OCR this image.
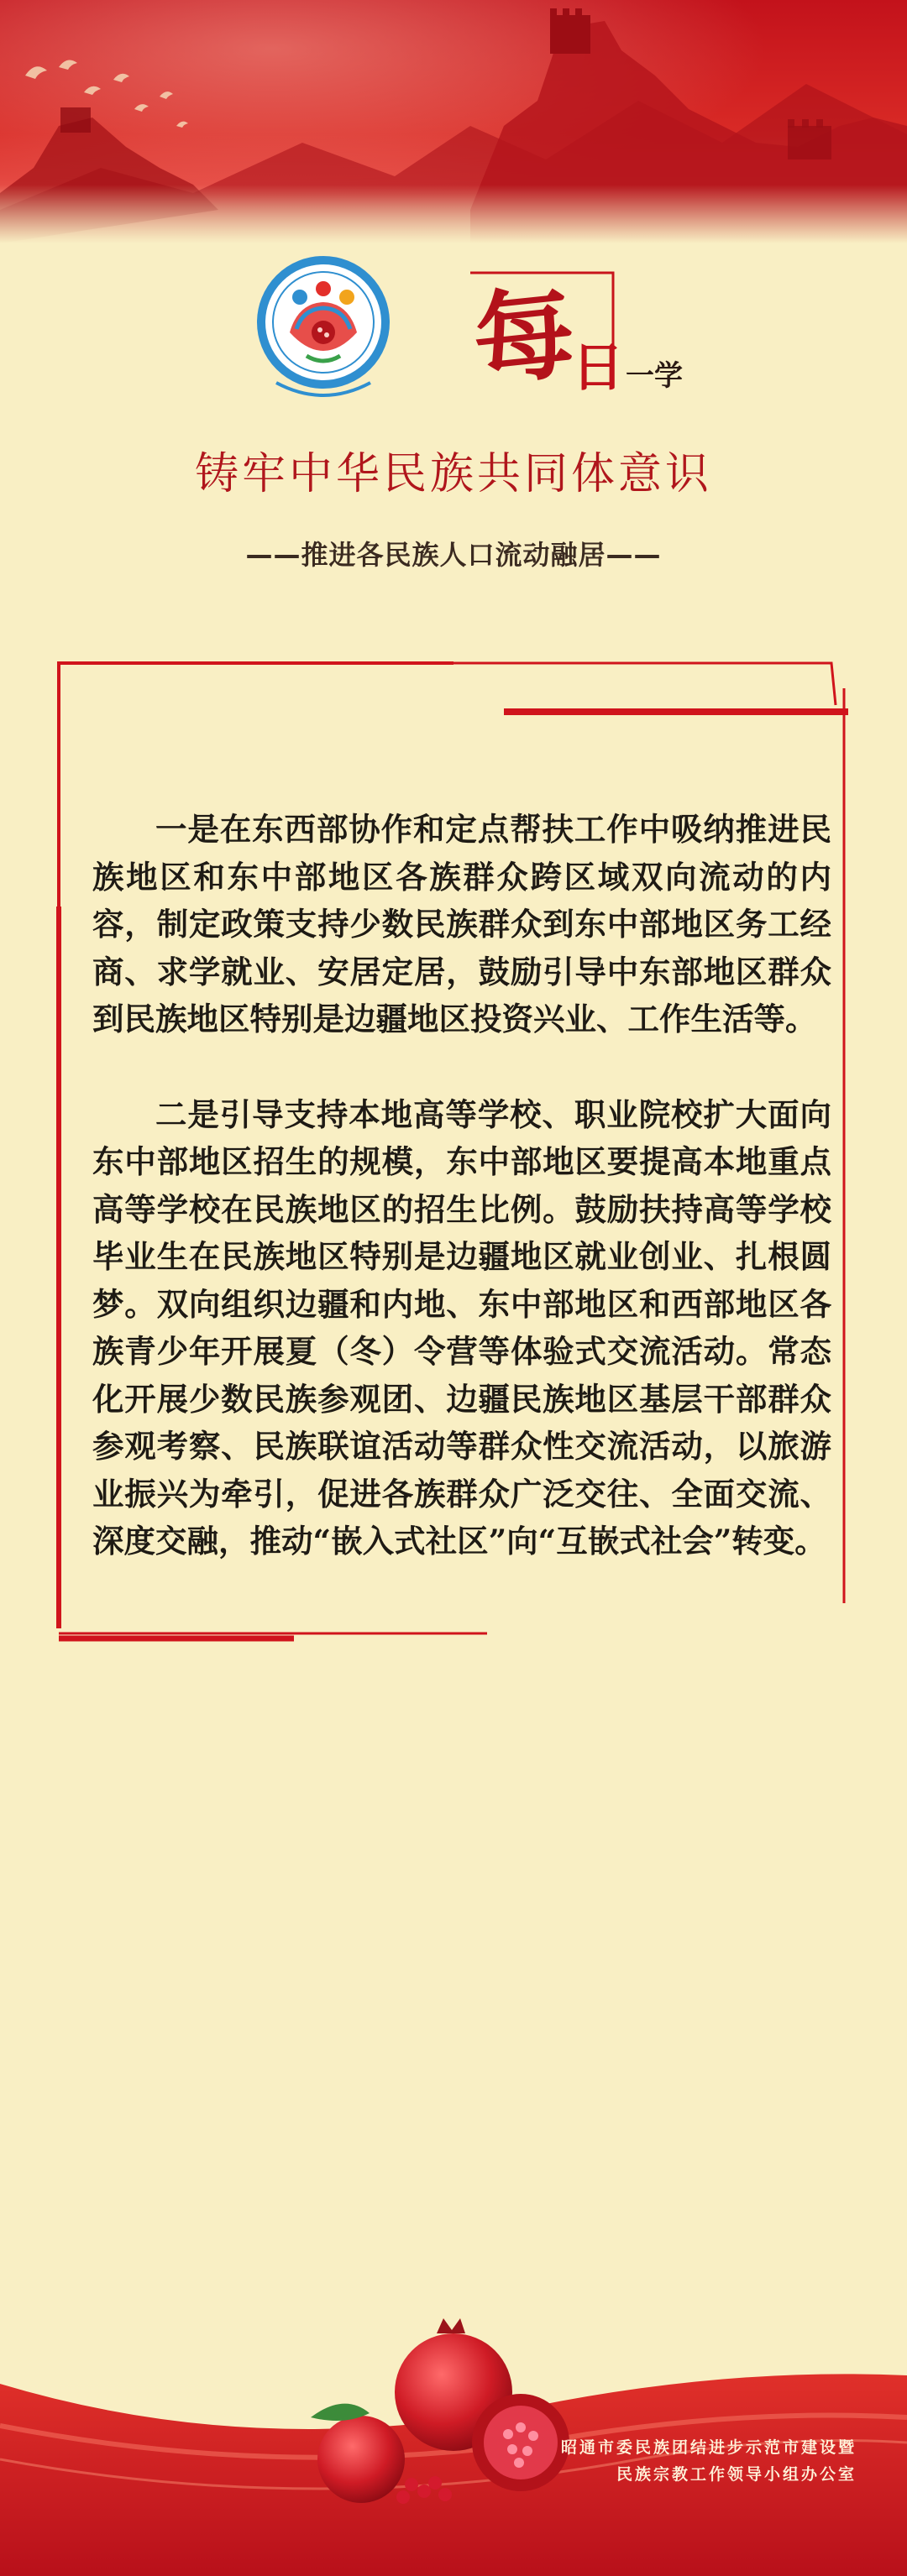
每
日 一学
铸牢中华民族共同体意识
——推进各民族人口流动融居——

一是在东西部协作和定点帮扶工作中吸纳推进民族地区和东中部地区各族群众跨区域双向流动的内容，制定政策支持少数民族群众到东中部地区务工经商、求学就业、安居定居，鼓励引导中东部地区群众到民族地区特别是边疆地区投资兴业、工作生活等。

二是引导支持本地高等学校、职业院校扩大面向东中部地区招生的规模，东中部地区要提高本地重点高等学校在民族地区的招生比例。鼓励扶持高等学校毕业生在民族地区特别是边疆地区就业创业、扎根圆梦。双向组织边疆和内地、东中部地区和西部地区各族青少年开展夏（冬）令营等体验式交流活动。常态化开展少数民族参观团、边疆民族地区基层干部群众参观考察、民族联谊活动等群众性交流活动，以旅游业振兴为牵引，促进各族群众广泛交往、全面交流、深度交融，推动“嵌入式社区”向“互嵌式社会”转变。

昭通市委民族团结进步示范市建设暨
民族宗教工作领导小组办公室
